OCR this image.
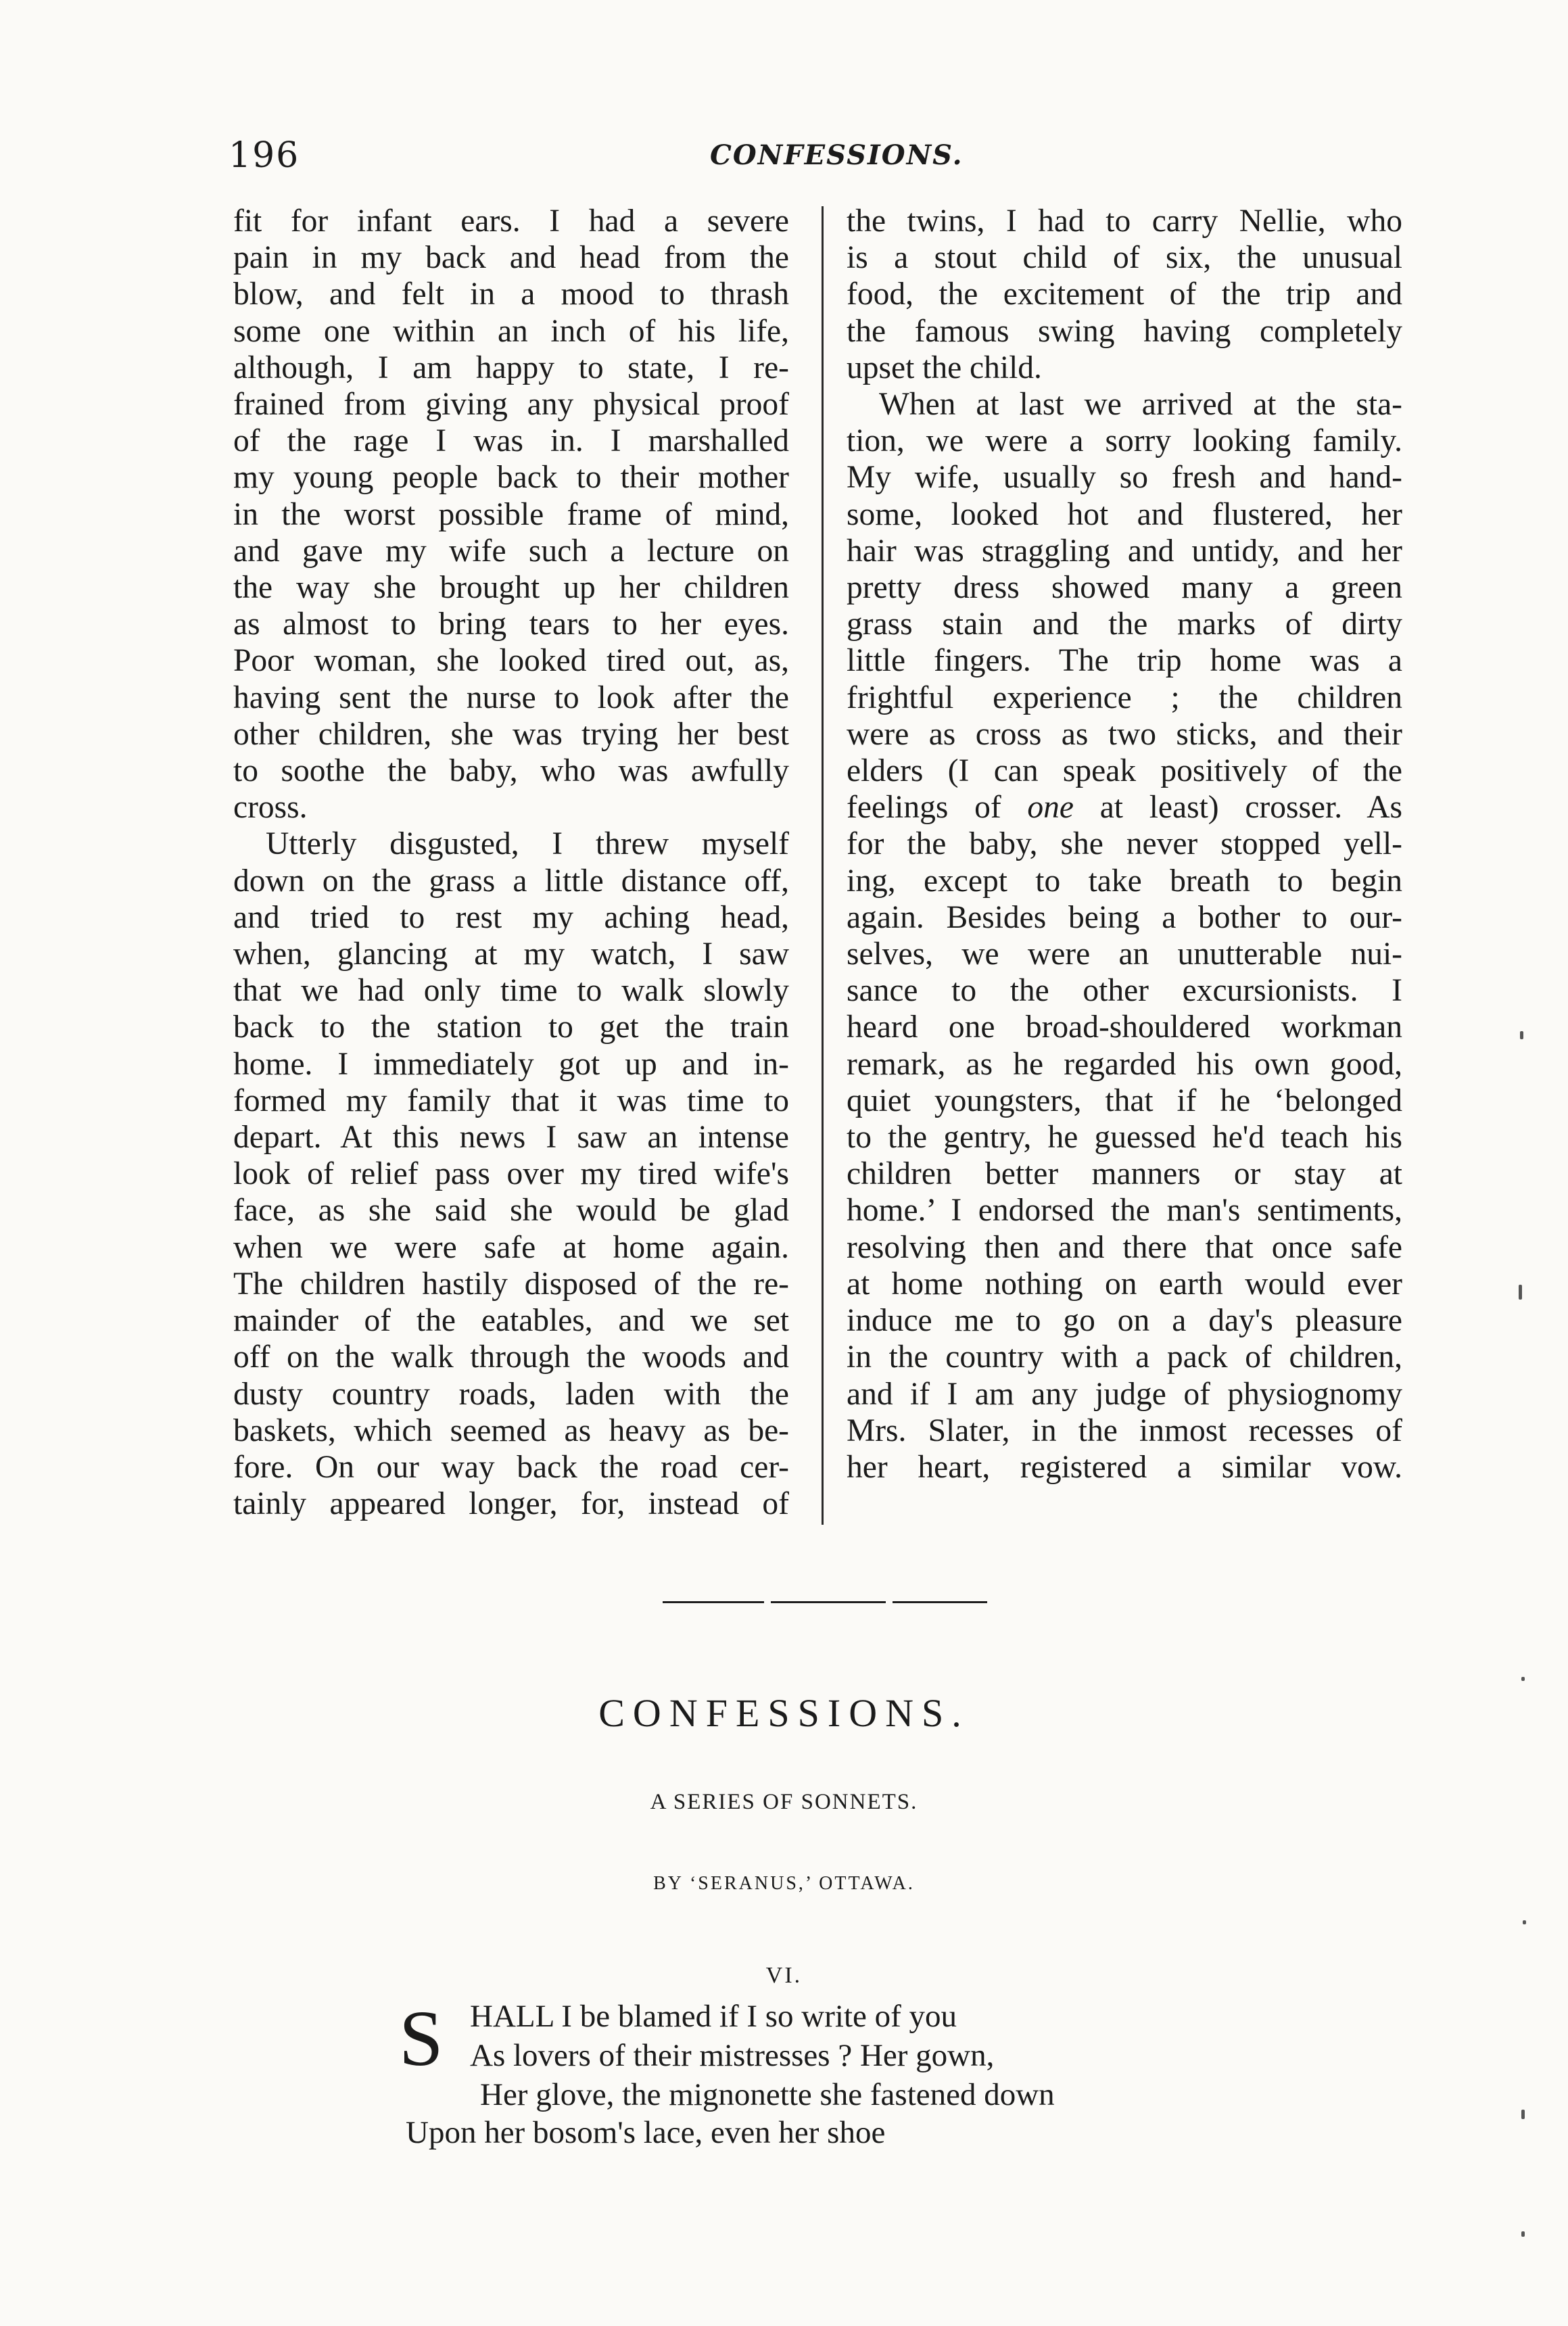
196	CONFESSIONS.
fit for infant ears. I had a severe
pain in my back and head from the
blow, and felt in a mood to thrash
some one within an inch of his life,
although, I am happy to state, I re-
frained from giving any physical proof
of the rage I was in. I marshalled
my young people back to their mother
in the worst possible frame of mind,
and gave my wife such a lecture on
the way she brought up her children
as almost to bring tears to her eyes.
Poor woman, she looked tired out, as,
having sent the nurse to look after the
other children, she was trying her best
to soothe the baby, who was awfully
cross.
Utterly disgusted, I threw myself
down on the grass a little distance off,
and tried to rest my aching head,
when, glancing at my watch, I saw
that we had only time to walk slowly
back to the station to get the train
home. I immediately got up and in-
formed my family that it was time to
depart. At this news I saw an intense
look of relief pass over my tired wife's
face, as she said she would be glad
when we were safe at home again.
The children hastily disposed of the re-
mainder of the eatables, and we set
off on the walk through the woods and
dusty country roads, laden with the
baskets, which seemed as heavy as be-
fore. On our way back the road cer-
tainly appeared longer, for, instead of
the twins, I had to carry Nellie, who
is a stout child of six, the unusual
food, the excitement of the trip and
the famous swing having completely
upset the child.
When at last we arrived at the sta-
tion, we were a sorry looking family.
My wife, usually so fresh and hand-
some, looked hot and flustered, her
hair was straggling and untidy, and her
pretty dress showed many a green
grass stain and the marks of dirty
little fingers. The trip home was a
frightful experience ; the children
were as cross as two sticks, and their
elders (I can speak positively of the
feelings of one at least) crosser. As
for the baby, she never stopped yell-
ing, except to take breath to begin
again. Besides being a bother to our-
selves, we were an unutterable nui-
sance to the other excursionists. I
heard one broad-shouldered workman
remark, as he regarded his own good,
quiet youngsters, that if he ‘belonged
to the gentry, he guessed he'd teach his
children better manners or stay at
home.’ I endorsed the man's sentiments,
resolving then and there that once safe
at home nothing on earth would ever
induce me to go on a day's pleasure
in the country with a pack of children,
and if I am any judge of physiognomy
Mrs. Slater, in the inmost recesses of
her heart, registered a similar vow.
CONFESSIONS.
A SERIES OF SONNETS.
BY ‘SERANUS,’ OTTAWA.
VI.
S HALL I be blamed if I so write of you
As lovers of their mistresses ? Her gown,
Her glove, the mignonette she fastened down
Upon her bosom's lace, even her shoe
